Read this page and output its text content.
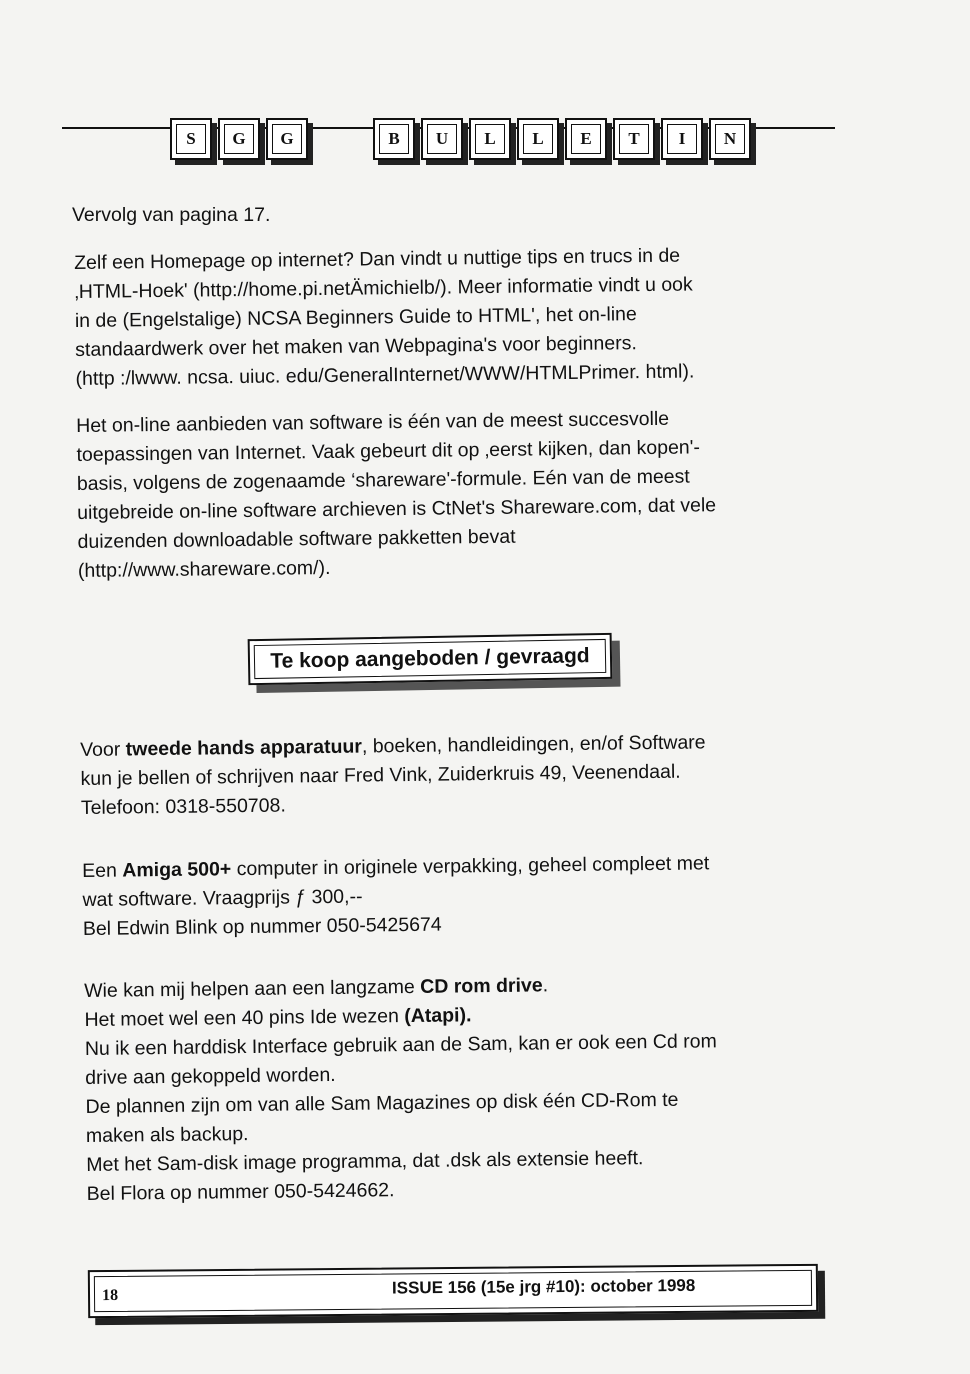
S G G	B U L L E T I N

Vervolg van pagina 17.

Zelf een Homepage op internet? Dan vindt u nuttige tips en trucs in de

‚HTML-Hoek' (http://home.pi.netÄmichielb/). Meer informatie vindt u ook

in de (Engelstalige) NCSA Beginners Guide to HTML', het on-line

standaardwerk over het maken van Webpagina's voor beginners.

(http :/lwww. ncsa. uiuc. edu/GeneralInternet/WWW/HTMLPrimer. html).

Het on-line aanbieden van software is één van de meest succesvolle

toepassingen van Internet. Vaak gebeurt dit op ‚eerst kijken, dan kopen'-

basis, volgens de zogenaamde ‘shareware'-formule. Eén van de meest

uitgebreide on-line software archieven is CtNet's Shareware.com, dat vele

duizenden downloadable software pakketten bevat

(http://www.shareware.com/).

Te koop aangeboden / gevraagd

Voor tweede hands apparatuur, boeken, handleidingen, en/of Software

kun je bellen of schrijven naar Fred Vink, Zuiderkruis 49, Veenendaal.

Telefoon: 0318-550708.

Een Amiga 500+ computer in originele verpakking, geheel compleet met

wat software. Vraagprijs ƒ 300,--

Bel Edwin Blink op nummer 050-5425674

Wie kan mij helpen aan een langzame CD rom drive.

Het moet wel een 40 pins Ide wezen (Atapi).

Nu ik een harddisk Interface gebruik aan de Sam, kan er ook een Cd rom

drive aan gekoppeld worden.

De plannen zijn om van alle Sam Magazines op disk één CD-Rom te

maken als backup.

Met het Sam-disk image programma, dat .dsk als extensie heeft.

Bel Flora op nummer 050-5424662.

18	ISSUE 156 (15e jrg #10): october 1998
